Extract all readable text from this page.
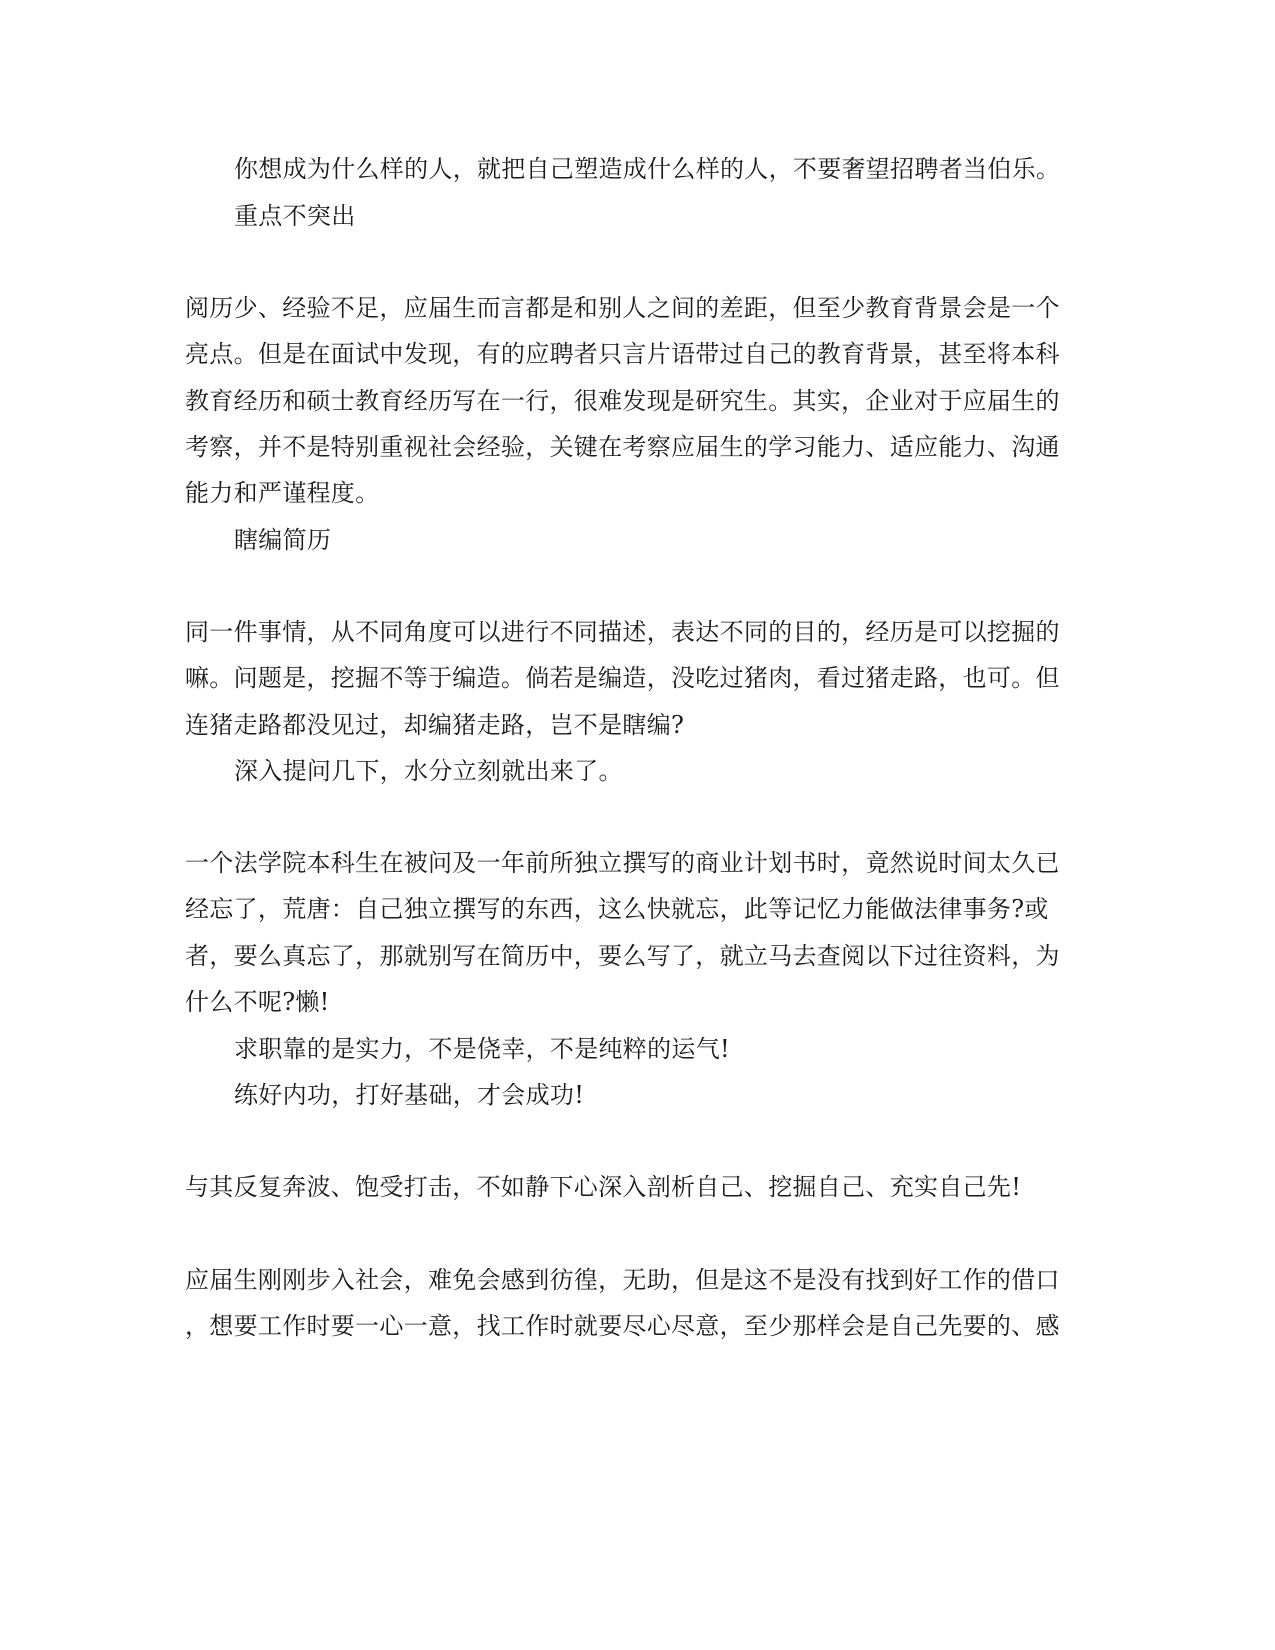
你想成为什么样的人，就把自己塑造成什么样的人，不要奢望招聘者当伯乐。
重点不突出
阅历少、经验不足，应届生而言都是和别人之间的差距，但至少教育背景会是一个
亮点。但是在面试中发现，有的应聘者只言片语带过自己的教育背景，甚至将本科
教育经历和硕士教育经历写在一行，很难发现是研究生。其实，企业对于应届生的
考察，并不是特别重视社会经验，关键在考察应届生的学习能力、适应能力、沟通
能力和严谨程度。
瞎编简历
同一件事情，从不同角度可以进行不同描述，表达不同的目的，经历是可以挖掘的
嘛。问题是，挖掘不等于编造。倘若是编造，没吃过猪肉，看过猪走路，也可。但
连猪走路都没见过，却编猪走路，岂不是瞎编?
深入提问几下，水分立刻就出来了。
一个法学院本科生在被问及一年前所独立撰写的商业计划书时，竟然说时间太久已
经忘了，荒唐：自己独立撰写的东西，这么快就忘，此等记忆力能做法律事务?或
者，要么真忘了，那就别写在简历中，要么写了，就立马去查阅以下过往资料，为
什么不呢?懒!
求职靠的是实力，不是侥幸，不是纯粹的运气!
练好内功，打好基础，才会成功!
与其反复奔波、饱受打击，不如静下心深入剖析自己、挖掘自己、充实自己先!
应届生刚刚步入社会，难免会感到彷徨，无助，但是这不是没有找到好工作的借口
，想要工作时要一心一意，找工作时就要尽心尽意，至少那样会是自己先要的、感
